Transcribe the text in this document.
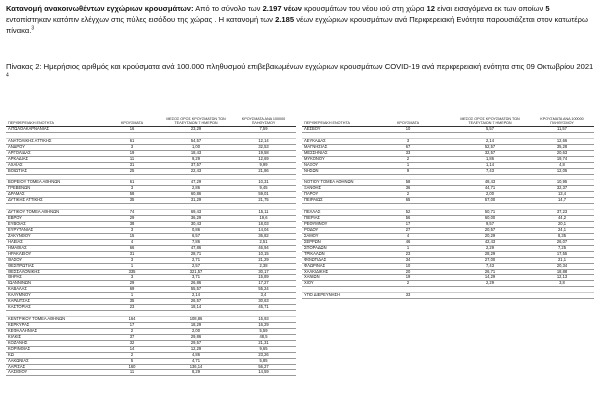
Κατανομή ανακοινωθέντων εγχώριων κρουσμάτων: Από το σύνολο των 2.197 νέων κρουσμάτων του νέου ιού στη χώρα 12 είναι εισαγόμενα εκ των οποίων 5 εντοπίστηκαν κατόπιν ελέγχων στις πύλες εισόδου της χώρας . Η κατανομή των 2.185 νέων εγχώριων κρουσμάτων ανά Περιφερειακή Ενότητα παρουσιάζεται στον κατωτέρω πίνακα.$^3$
Πίνακας 2: Ημερήσιος αριθμός και κρούσματα ανά 100.000 πληθυσμού επιβεβαιωμένων εγχώριων κρουσμάτων COVID-19 ανά περιφερειακή ενότητα στις 09 Οκτωβρίου 2021 $^4$
ΠΕΡΙΦΕΡΕΙΑΚΗ ΕΝΟΤΗΤΑ	ΚΡΟΥΣΜΑΤΑ
ΜΕΣΟΣ ΟΡΟΣ ΚΡΟΥΣΜΑΤΩΝ ΤΩΝ
ΤΕΛΕΥΤΑΙΩΝ 7 ΗΜΕΡΩΝ
ΚΡΟΥΣΜΑΤΑ ΑΝΑ 100000
ΠΛΗΘΥΣΜΟΥ
ΑΙΤΩΛΟΑΚΑΡΝΑΝΙΑΣ	16	23,29	7,59
ΑΝΑΤΟΛΙΚΗΣ ΑΤΤΙΚΗΣ	61	54,57	12,14
ΑΝΔΡΟΥ	3	1,00	32,53
ΑΡΓΟΛΙΔΑΣ	19	18,43	19,58
ΑΡΚΑΔΙΑΣ	11	9,29	12,69
ΑΧΑΪΑΣ	31	37,57	9,99
ΒΟΙΩΤΙΑΣ	25	22,43	21,86
ΒΟΡΕΙΟΥ ΤΟΜΕΑ ΑΘΗΝΩΝ	61	47,29	10,31
ΓΡΕΒΕΝΩΝ	3	2,86	9,45
ΔΡΑΜΑΣ	58	60,86	59,01
ΔΥΤΙΚΗΣ ΑΤΤΙΚΗΣ	35	31,29	21,75
ΔΥΤΙΚΟΥ ΤΟΜΕΑ ΑΘΗΝΩΝ	74	69,43	15,11
ΕΒΡΟΥ	29	36,29	19,6
ΕΥΒΟΙΑΣ	38	30,43	18,03
ΕΥΡΥΤΑΝΙΑΣ	3	0,86	14,04
ΖΑΚΥΝΘΟΥ	15	6,57	36,82
ΗΛΕΙΑΣ	4	7,86	2,51
ΗΜΑΘΙΑΣ	66	47,86	46,94
ΗΡΑΚΛΕΙΟΥ	31	28,71	10,15
ΘΑΣΟΥ	3	2,71	21,29
ΘΕΣΠΡΩΤΙΑΣ	1	2,57	2,38
ΘΕΣΣΑΛΟΝΙΚΗΣ	335	321,57	30,17
ΘΗΡΑΣ	3	3,71	15,89
ΙΩΑΝΝΙΝΩΝ	29	26,86	17,27
ΚΑΒΑΛΑΣ	69	55,57	55,24
ΚΑΛΥΜΝΟΥ	1	2,14	3,4
ΚΑΡΔΙΤΣΑΣ	35	26,57	30,63
ΚΑΣΤΟΡΙΑΣ	23	18,14	45,71
ΚΕΝΤΡΙΚΟΥ ΤΟΜΕΑ ΑΘΗΝΩΝ	164	108,86	15,93
ΚΕΡΚΥΡΑΣ	17	18,29	16,29
ΚΕΦΑΛΛΗΝΙΑΣ	2	2,00	5,59
ΚΙΛΚΙΣ	37	29,86	48,5
ΚΟΖΑΝΗΣ	32	29,57	21,31
ΚΟΡΙΝΘΙΑΣ	14	12,29	9,65
ΚΩ	2	4,86	23,26
ΛΑΚΩΝΙΑΣ	5	4,71	5,85
ΛΑΡΙΣΑΣ	160	136,14	56,27
ΛΑΣΙΘΙΟΥ	11	8,29	14,59
ΠΕΡΙΦΕΡΕΙΑΚΗ ΕΝΟΤΗΤΑ	ΚΡΟΥΣΜΑΤΑ
ΜΕΣΟΣ ΟΡΟΣ ΚΡΟΥΣΜΑΤΩΝ ΤΩΝ
ΤΕΛΕΥΤΑΙΩΝ 7 ΗΜΕΡΩΝ
ΚΡΟΥΣΜΑΤΑ ΑΝΑ 100000
ΠΛΗΘΥΣΜΟΥ
ΛΕΣΒΟΥ	10	5,57	11,57
ΛΕΥΚΑΔΑΣ	3	2,14	12,66
ΜΑΓΝΗΣΙΑΣ	67	52,57	35,28
ΜΕΣΣΗΝΙΑΣ	33	32,57	20,63
ΜΥΚΟΝΟΥ	2	1,86	19,74
ΝΑΞΟΥ	1	1,14	4,8
ΝΗΣΩΝ	9	7,43	12,05
ΝΟΤΙΟΥ ΤΟΜΕΑ ΑΘΗΝΩΝ	58	48,43	10,95
ΞΑΝΘΗΣ	36	44,71	32,37
ΠΑΡΟΥ	2	2,00	13,4
ΠΕΙΡΑΙΩΣ	65	57,00	14,7
ΠΕΛΛΑΣ	52	50,71	37,23
ΠΙΕΡΙΑΣ	56	60,00	44,2
ΡΕΘΥΜΝΟΥ	17	9,57	20,1
ΡΟΔΟΥ	27	20,57	24,1
ΣΑΜΟΥ	4	20,29	8,35
ΣΕΡΡΩΝ	46	42,43	26,07
ΣΠΟΡΑΔΩΝ	1	2,29	7,25
ΤΡΙΚΑΛΩΝ	23	28,29	17,55
ΦΘΙΩΤΙΔΑΣ	34	27,00	21,1
ΦΛΩΡΙΝΑΣ	10	7,43	20,34
ΧΑΛΚΙΔΙΚΗΣ	20	26,71	18,88
ΧΑΝΙΩΝ	19	14,29	12,13
ΧΙΟΥ	2	2,29	3,8
ΥΠΟ ΔΙΕΡΕΥΝΗΣΗ	33
